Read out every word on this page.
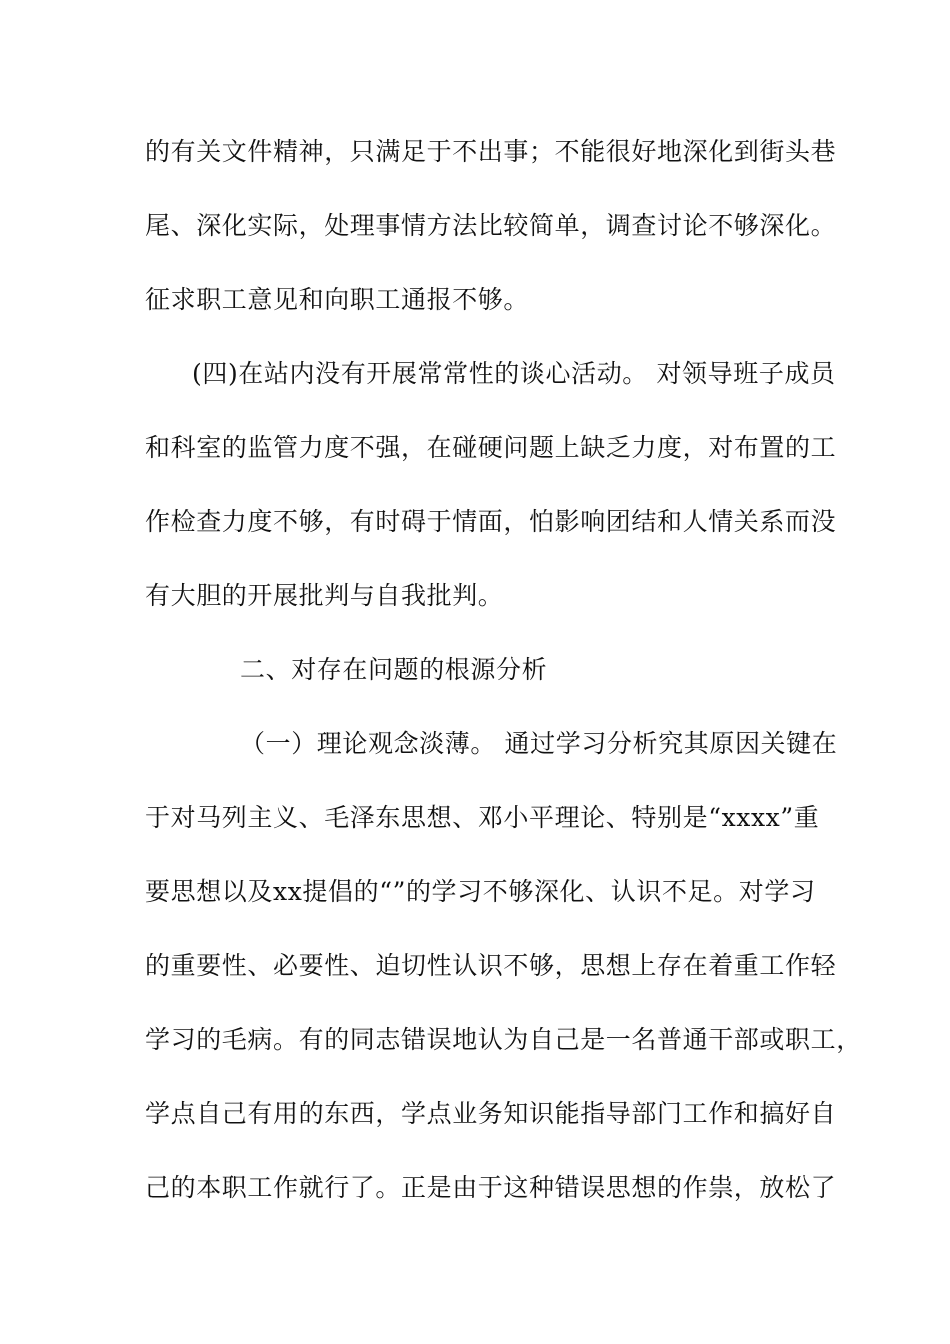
的有关文件精神，只满足于不出事；不能很好地深化到街头巷
尾、深化实际，处理事情方法比较简单，调查讨论不够深化。
征求职工意见和向职工通报不够。
(四)在站内没有开展常常性的谈心活动。 对领导班子成员
和科室的监管力度不强，在碰硬问题上缺乏力度，对布置的工
作检查力度不够，有时碍于情面，怕影响团结和人情关系而没
有大胆的开展批判与自我批判。
二、对存在问题的根源分析
（一）理论观念淡薄。 通过学习分析究其原因关键在
于对马列主义、毛泽东思想、邓小平理论、特别是“xxxx”重
要思想以及xx提倡的“”的学习不够深化、认识不足。对学习
的重要性、必要性、迫切性认识不够，思想上存在着重工作轻
学习的毛病。有的同志错误地认为自己是一名普通干部或职工，
学点自己有用的东西，学点业务知识能指导部门工作和搞好自
己的本职工作就行了。正是由于这种错误思想的作祟，放松了
